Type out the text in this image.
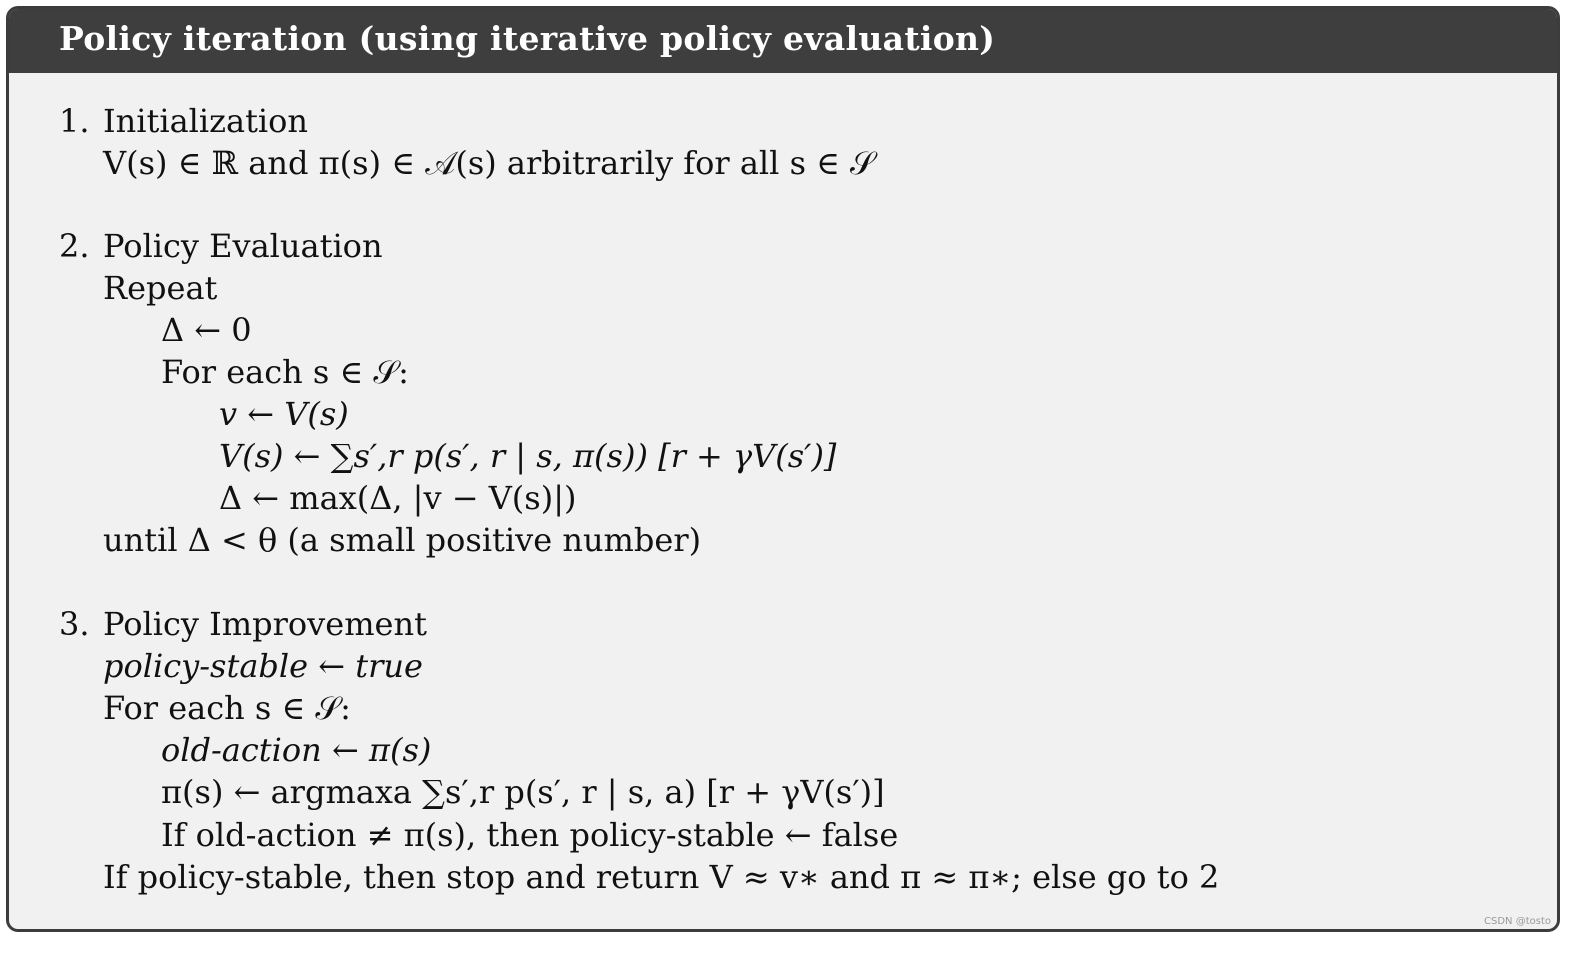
Policy iteration (using iterative policy evaluation)
1. Initialization
V(s) ∈ ℝ and π(s) ∈ 𝒜(s) arbitrarily for all s ∈ 𝒮
2. Policy Evaluation
Repeat
Δ ← 0
For each s ∈ 𝒮:
v ← V(s)
V(s) ← ∑s′,r p(s′, r | s, π(s)) [r + γV(s′)]
Δ ← max(Δ, |v − V(s)|)
until Δ < θ (a small positive number)
3. Policy Improvement
policy-stable ← true
For each s ∈ 𝒮:
old-action ← π(s)
π(s) ← argmaxa ∑s′,r p(s′, r | s, a) [r + γV(s′)]
If old-action ≠ π(s), then policy-stable ← false
If policy-stable, then stop and return V ≈ v∗ and π ≈ π∗; else go to 2
CSDN @tosto
